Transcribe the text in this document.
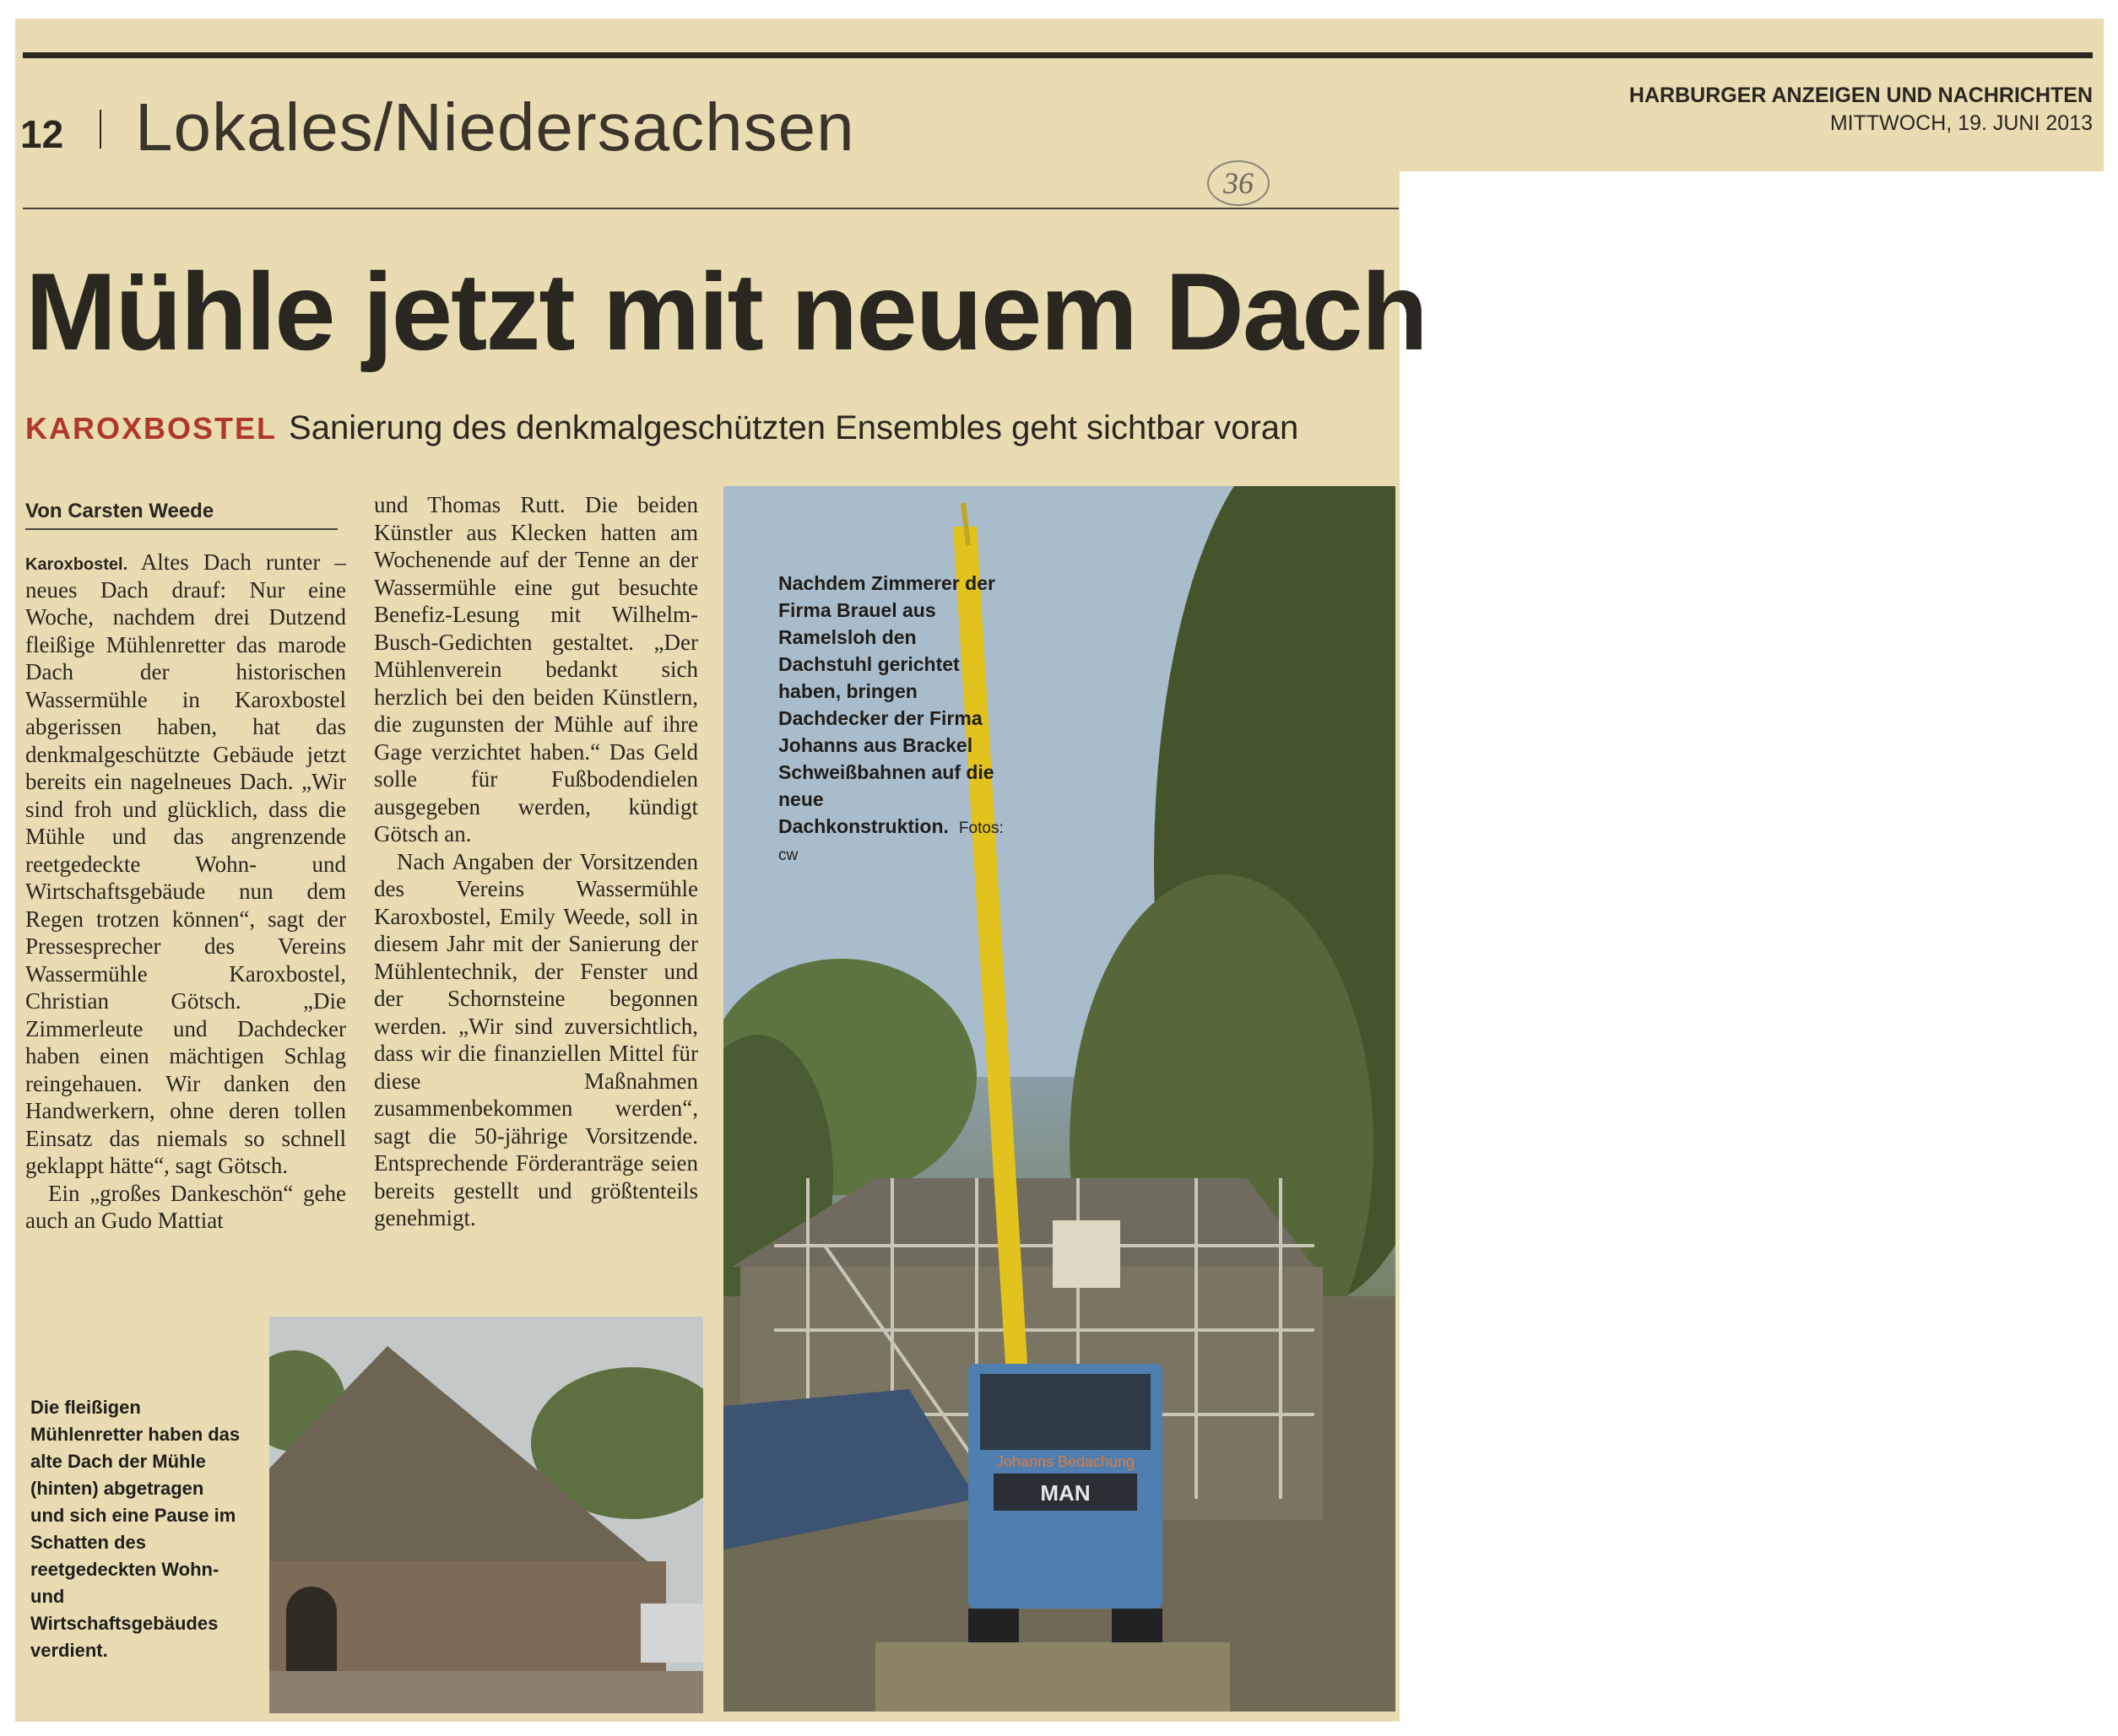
12 Lokales/Niedersachsen	HARBURGER ANZEIGEN UND NACHRICHTEN
MITTWOCH, 19. JUNI 2013
36
Mühle jetzt mit neuem Dach
KAROXBOSTEL Sanierung des denkmalgeschützten Ensembles geht sichtbar voran
Von Carsten Weede

Karoxbostel. Altes Dach runter – neues Dach drauf: Nur eine Woche, nachdem drei Dutzend fleißige Mühlenretter das marode Dach der historischen Wassermühle in Karoxbostel abgerissen haben, hat das denkmalgeschützte Gebäude jetzt bereits ein nagelneues Dach. „Wir sind froh und glücklich, dass die Mühle und das angrenzende reetgedeckte Wohn- und Wirtschaftsgebäude nun dem Regen trotzen können“, sagt der Pressesprecher des Vereins Wassermühle Karoxbostel, Christian Götsch. „Die Zimmerleute und Dachdecker haben einen mächtigen Schlag reingehauen. Wir danken den Handwerkern, ohne deren tollen Einsatz das niemals so schnell geklappt hätte“, sagt Götsch.

Ein „großes Dankeschön“ gehe auch an Gudo Mattiat

und Thomas Rutt. Die beiden Künstler aus Klecken hatten am Wochenende auf der Tenne an der Wassermühle eine gut besuchte Benefiz-Lesung mit Wilhelm-Busch-Gedichten gestaltet. „Der Mühlenverein bedankt sich herzlich bei den beiden Künstlern, die zugunsten der Mühle auf ihre Gage verzichtet haben.“ Das Geld solle für Fußbodendielen ausgegeben werden, kündigt Götsch an.

Nach Angaben der Vorsitzenden des Vereins Wassermühle Karoxbostel, Emily Weede, soll in diesem Jahr mit der Sanierung der Mühlentechnik, der Fenster und der Schornsteine begonnen werden. „Wir sind zuversichtlich, dass wir die finanziellen Mittel für diese Maßnahmen zusammenbekommen werden“, sagt die 50-jährige Vorsitzende. Entsprechende Förderanträge seien bereits gestellt und größtenteils genehmigt.

MAN
Johanns Bedachung
Nachdem Zimmerer der Firma Brauel aus Ramelsloh den Dachstuhl gerichtet haben, bringen Dachdecker der Firma Johanns aus Brackel Schweißbahnen auf die neue Dachkonstruktion. Fotos: cw
Die fleißigen Mühlenretter haben das alte Dach der Mühle (hinten) abgetragen und sich eine Pause im Schatten des reetgedeckten Wohn- und Wirtschaftsgebäudes verdient.
